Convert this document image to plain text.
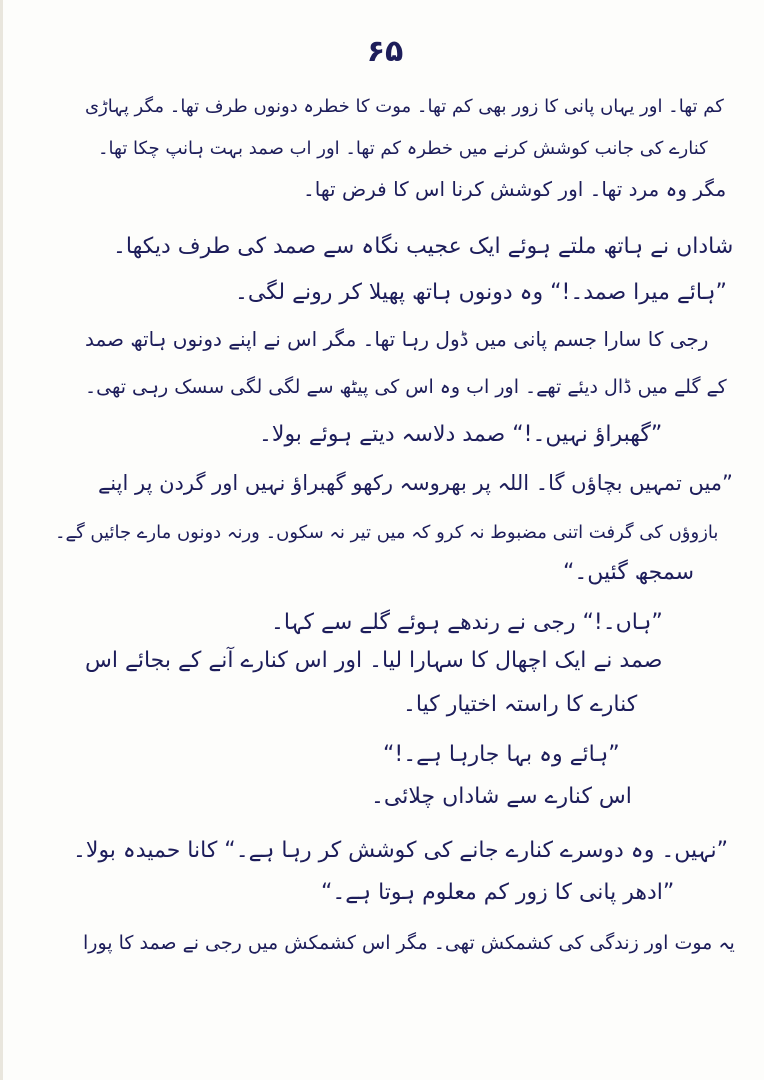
۶۵
کم تھا۔ اور یہاں پانی کا زور بھی کم تھا۔ موت کا خطرہ دونوں طرف تھا۔ مگر پہاڑی
کنارے کی جانب کوشش کرنے میں خطرہ کم تھا۔ اور اب صمد بہت ہانپ چکا تھا۔
مگر وہ مرد تھا۔ اور کوشش کرنا اس کا فرض تھا۔
شاداں نے ہاتھ ملتے ہوئے ایک عجیب نگاہ سے صمد کی طرف دیکھا۔
”ہائے میرا صمد۔!“ وہ دونوں ہاتھ پھیلا کر رونے لگی۔
رجی کا سارا جسم پانی میں ڈول رہا تھا۔ مگر اس نے اپنے دونوں ہاتھ صمد
کے گلے میں ڈال دیئے تھے۔ اور اب وہ اس کی پیٹھ سے لگی لگی سسک رہی تھی۔
”گھبراؤ نہیں۔!“ صمد دلاسہ دیتے ہوئے بولا۔
”میں تمہیں بچاؤں گا۔ اللہ پر بھروسہ رکھو گھبراؤ نہیں اور گردن پر اپنے
بازوؤں کی گرفت اتنی مضبوط نہ کرو کہ میں تیر نہ سکوں۔ ورنہ دونوں مارے جائیں گے۔
سمجھ گئیں۔“
”ہاں۔!“ رجی نے رندھے ہوئے گلے سے کہا۔
صمد نے ایک اچھال کا سہارا لیا۔ اور اس کنارے آنے کے بجائے اس
کنارے کا راستہ اختیار کیا۔
”ہائے وہ بہا جارہا ہے۔!“
اس کنارے سے شاداں چلائی۔
”نہیں۔ وہ دوسرے کنارے جانے کی کوشش کر رہا ہے۔“ کانا حمیدہ بولا۔
”ادھر پانی کا زور کم معلوم ہوتا ہے۔“
یہ موت اور زندگی کی کشمکش تھی۔ مگر اس کشمکش میں رجی نے صمد کا پورا
